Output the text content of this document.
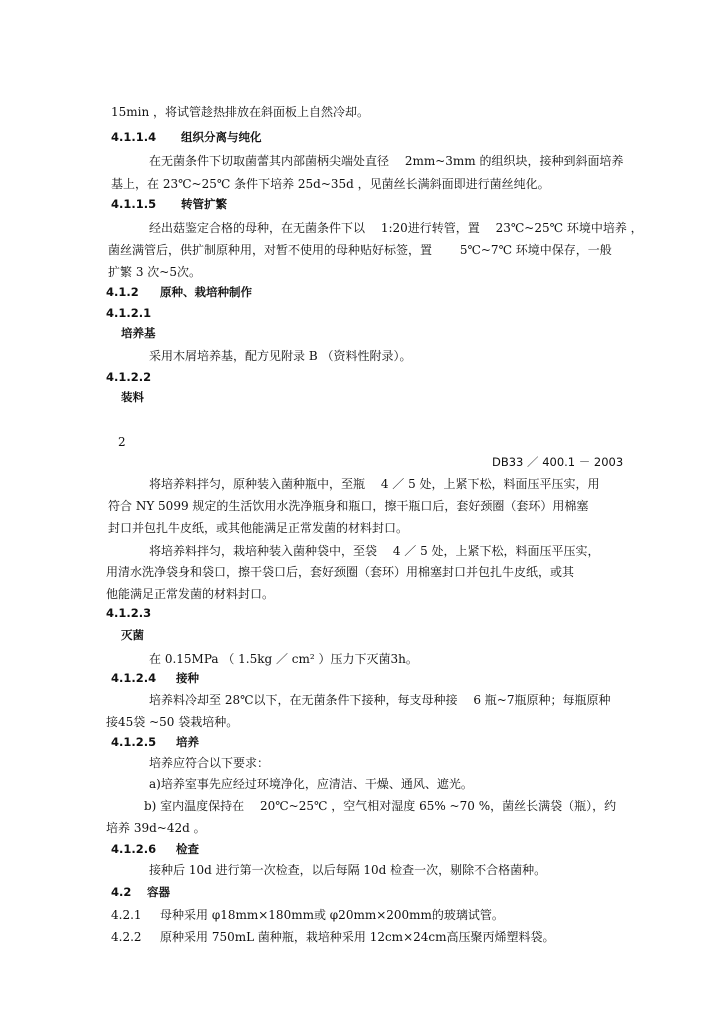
15min ，将试管趁热排放在斜面板上自然冷却。
4.1.1.4 组织分离与纯化
在无菌条件下切取菌蕾其内部菌柄尖端处直径 　2mm~3mm 的组织块，接种到斜面培养
基上，在 23℃~25℃ 条件下培养 25d~35d ，见菌丝长满斜面即进行菌丝纯化。
4.1.1.5 转管扩繁
经出菇鉴定合格的母种，在无菌条件下以 　1:20进行转管，置 　23℃~25℃ 环境中培养 ，
菌丝满管后，供扩制原种用，对暂不使用的母种贴好标签，置 　　5℃~7℃ 环境中保存，一般
扩繁 3 次~5次。
4.1.2 原种、栽培种制作
4.1.2.1
培养基
采用木屑培养基，配方见附录 B （资料性附录）。
4.1.2.2
装料
2
DB33 ／ 400.1 － 2003
将培养料拌匀，原种装入菌种瓶中，至瓶 　4 ／ 5 处，上紧下松，料面压平压实，用
符合 NY 5099 规定的生活饮用水洗净瓶身和瓶口，擦干瓶口后，套好颈圈（套环）用棉塞
封口并包扎牛皮纸，或其他能满足正常发菌的材料封口。
将培养料拌匀，栽培种装入菌种袋中，至袋 　4 ／ 5 处，上紧下松，料面压平压实，
用清水洗净袋身和袋口，擦干袋口后，套好颈圈（套环）用棉塞封口并包扎牛皮纸，或其
他能满足正常发菌的材料封口。
4.1.2.3
灭菌
在 0.15MPa （ 1.5kg ／ cm² ）压力下灭菌3h。
4.1.2.4 接种
培养料冷却至 28℃以下，在无菌条件下接种，每支母种接 　6 瓶~7瓶原种；每瓶原种
接45袋 ~50 袋栽培种。
4.1.2.5 培养
培养应符合以下要求：
a)培养室事先应经过环境净化，应清洁、干燥、通风、遮光。
b) 室内温度保持在 　20℃~25℃ ，空气相对湿度 65% ~70 %，菌丝长满袋（瓶），约
培养 39d~42d 。
4.1.2.6 检查
接种后 10d 进行第一次检查，以后每隔 10d 检查一次，剔除不合格菌种。
4.2 容器
4.2.1 母种采用 φ18mm×180mm或 φ20mm×200mm的玻璃试管。
4.2.2 原种采用 750mL 菌种瓶，栽培种采用 12cm×24cm高压聚丙烯塑料袋。
